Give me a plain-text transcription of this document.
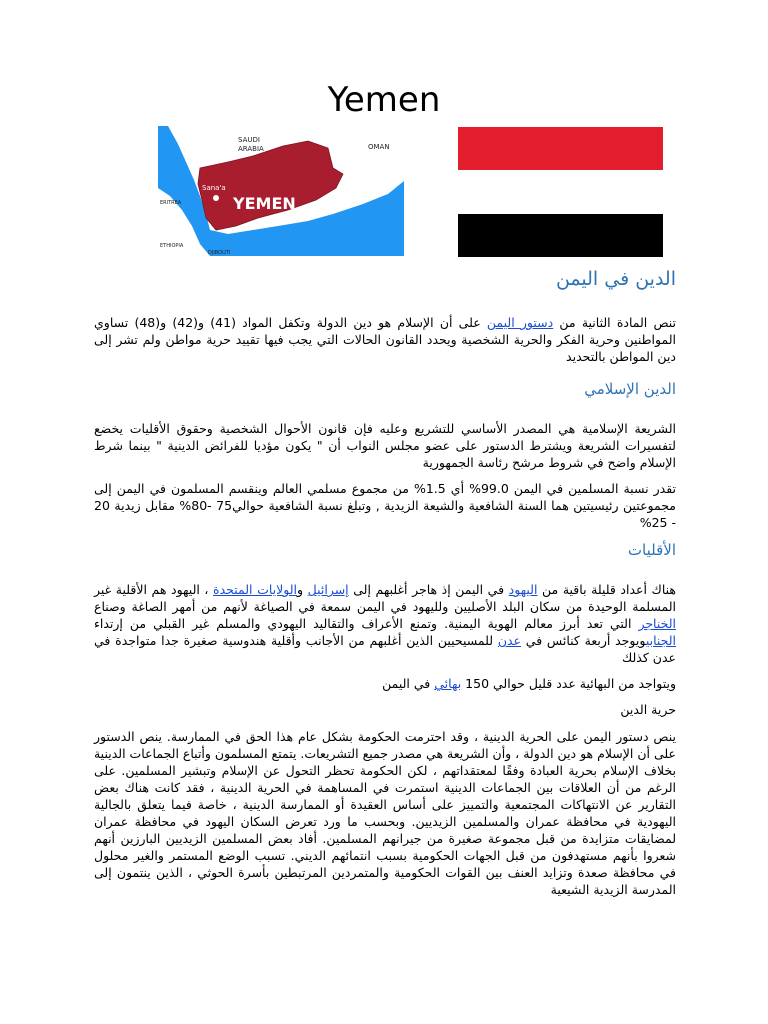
Yemen
SAUDI
ARABIA	OMAN
Sana'a
YEMEN
ERITREA
ETHIOPIA
DJIBOUTI
الدين في اليمن

تنص المادة الثانية من دستور اليمن على أن الإسلام هو دين الدولة وتكفل المواد (41) و(42) و(48) تساوي المواطنين وحرية الفكر والحرية الشخصية ويحدد القانون الحالات التي يجب فيها تقييد حرية مواطن ولم تشر إلى دين المواطن بالتحديد

الدين الإسلامي

الشريعة الإسلامية هي المصدر الأساسي للتشريع وعليه فإن قانون الأحوال الشخصية وحقوق الأقليات يخضع لتفسيرات الشريعة ويشترط الدستور على عضو مجلس النواب أن " يكون مؤديا للفرائض الدينية " بينما شرط الإسلام واضح في شروط مرشح رئاسة الجمهورية

تقدر نسبة المسلمين في اليمن 99.0% أي 1.5% من مجموع مسلمي العالم وينقسم المسلمون في اليمن إلى مجموعتين رئيسيتين هما السنة الشافعية والشيعة الزيدية , وتبلغ نسبة الشافعية حوالي75 -80% مقابل زيدية 20 - 25%

الأقليات

هناك أعداد قليلة باقية من اليهود في اليمن إذ هاجر أغلبهم إلى إسرائيل والولايات المتحدة ، اليهود هم الأقلية غير المسلمة الوحيدة من سكان البلد الأصليين ولليهود في اليمن سمعة في الصياغة لأنهم من أمهر الصاغة وصناع الخناجر التي تعد أبرز معالم الهوية اليمنية. وتمنع الأعراف والتقاليد اليهودي والمسلم غير القبلي من إرتداء الجنابيويوجد أربعة كنائس في عدن للمسيحيين الذين أغلبهم من الأجانب وأقلية هندوسية صغيرة جدا متواجدة في عدن كذلك

ويتواجد من البهائية عدد قليل حوالي 150 بهائي في اليمن

حرية الدين

ينص دستور اليمن على الحرية الدينية ، وقد احترمت الحكومة بشكل عام هذا الحق في الممارسة. ينص الدستور على أن الإسلام هو دين الدولة ، وأن الشريعة هي مصدر جميع التشريعات. يتمتع المسلمون وأتباع الجماعات الدينية بخلاف الإسلام بحرية العبادة وفقًا لمعتقداتهم ، لكن الحكومة تحظر التحول عن الإسلام وتبشير المسلمين. على الرغم من أن العلاقات بين الجماعات الدينية استمرت في المساهمة في الحرية الدينية ، فقد كانت هناك بعض التقارير عن الانتهاكات المجتمعية والتمييز على أساس العقيدة أو الممارسة الدينية ، خاصة فيما يتعلق بالجالية اليهودية في محافظة عمران والمسلمين الزيديين. وبحسب ما ورد تعرض السكان اليهود في محافظة عمران لمضايقات متزايدة من قبل مجموعة صغيرة من جيرانهم المسلمين. أفاد بعض المسلمين الزيديين البارزين أنهم شعروا بأنهم مستهدفون من قبل الجهات الحكومية بسبب انتمائهم الديني. تسبب الوضع المستمر والغير محلول في محافظة صعدة وتزايد العنف بين القوات الحكومية والمتمردين المرتبطين بأسرة الحوثي ، الذين ينتمون إلى المدرسة الزيدية الشيعية
